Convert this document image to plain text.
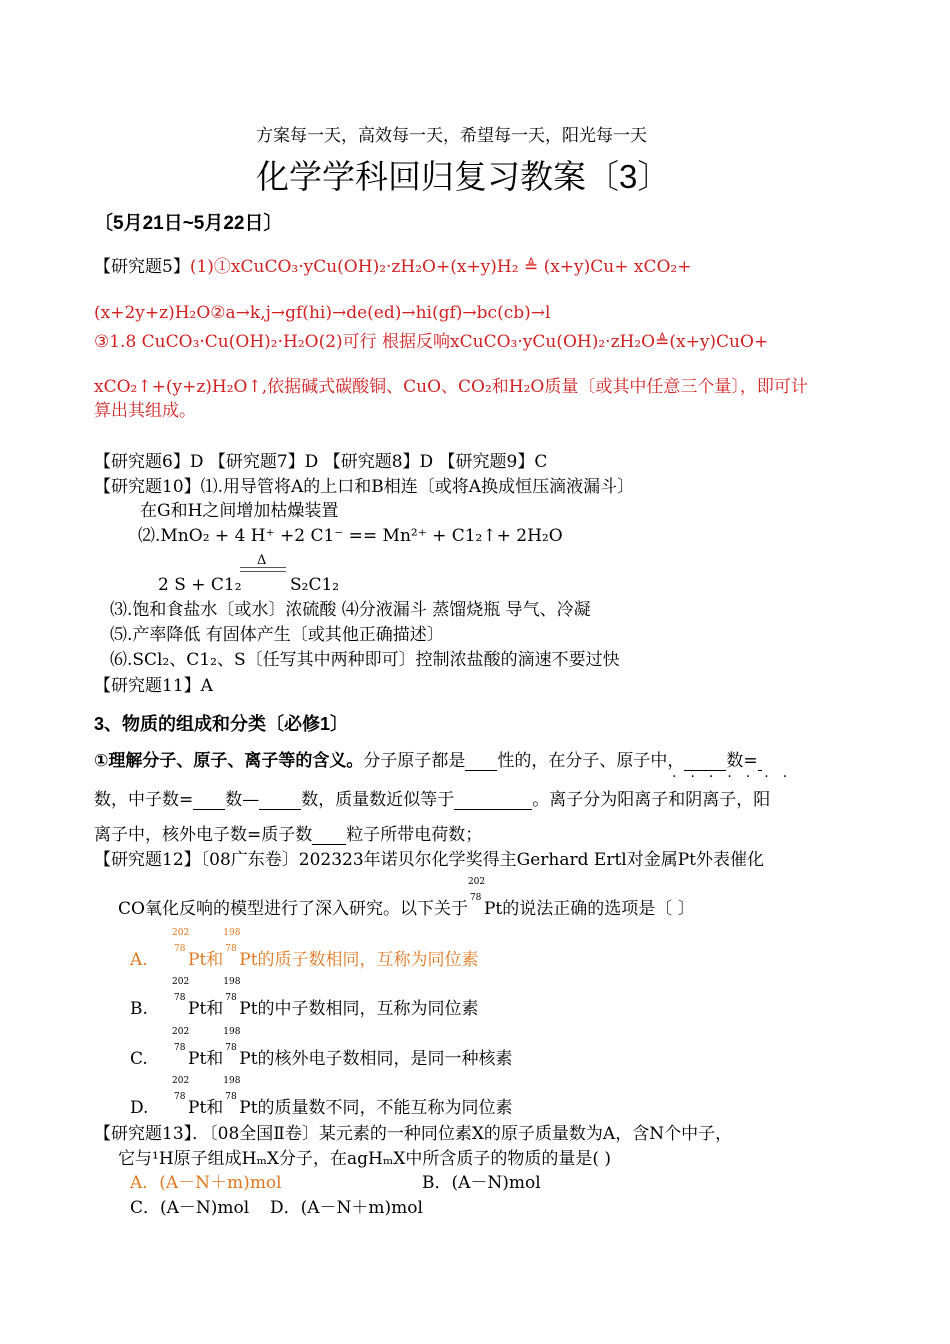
方案每一天，高效每一天，希望每一天，阳光每一天
化学学科回归复习教案〔3〕
〔5月21日~5月22日〕
【研究题5】(1)①xCuCO₃·yCu(OH)₂·zH₂O+(x+y)H₂ ≜ (x+y)Cu+ xCO₂+
(x+2y+z)H₂O②a→k,j→gf(hi)→de(ed)→hi(gf)→bc(cb)→l
③1.8 CuCO₃·Cu(OH)₂·H₂O(2)可行 根据反响xCuCO₃·yCu(OH)₂·zH₂O≜(x+y)CuO+
xCO₂↑+(y+z)H₂O↑,依据碱式碳酸铜、CuO、CO₂和H₂O质量〔或其中任意三个量〕，即可计
算出其组成。
【研究题6】D 【研究题7】D 【研究题8】D 【研究题9】C
【研究题10】⑴.用导管将A的上口和B相连〔或将A换成恒压滴液漏斗〕
在G和H之间增加枯燥装置
⑵.MnO₂ + 4 H⁺ +2 C1⁻ == Mn²⁺ + C1₂↑+ 2H₂O
Δ
2 S + C1₂	S₂C1₂
⑶.饱和食盐水〔或水〕浓硫酸 ⑷分液漏斗 蒸馏烧瓶 导气、冷凝
⑸.产率降低 有固体产生〔或其他正确描述〕
⑹.SCl₂、C1₂、S〔任写其中两种即可〕控制浓盐酸的滴速不要过快
【研究题11】A
3、物质的组成和分类〔必修1〕
①理解分子、原子、离子等的含义。分子原子都是 性的，在分子、原子中， 数=
·······
数，中子数= 数— 数，质量数近似等于	。离子分为阳离子和阴离子，阳
离子中，核外电子数=质子数 粒子所带电荷数；
【研究题12】〔08广东卷〕202323年诺贝尔化学奖得主Gerhard Ertl对金属Pt外表催化
CO氧化反响的模型进行了深入研究。以下关于
202
78
Pt的说法正确的选项是〔 〕
A.
202
78
Pt和
198
78
Pt的质子数相同，互称为同位素
B.
202
78
Pt和
198
78
Pt的中子数相同，互称为同位素
C.
202
78
Pt和
198
78
Pt的核外电子数相同，是同一种核素
D.
202
78
Pt和
198
78
Pt的质量数不同，不能互称为同位素
【研究题13】．〔08全国Ⅱ卷〕某元素的一种同位素X的原子质量数为A，含N个中子，
它与¹H原子组成HₘX分子，在agHₘX中所含质子的物质的量是( )
A．(A－N＋m)mol	B．(A－N)mol
C．(A－N)mol D．(A－N＋m)mol
